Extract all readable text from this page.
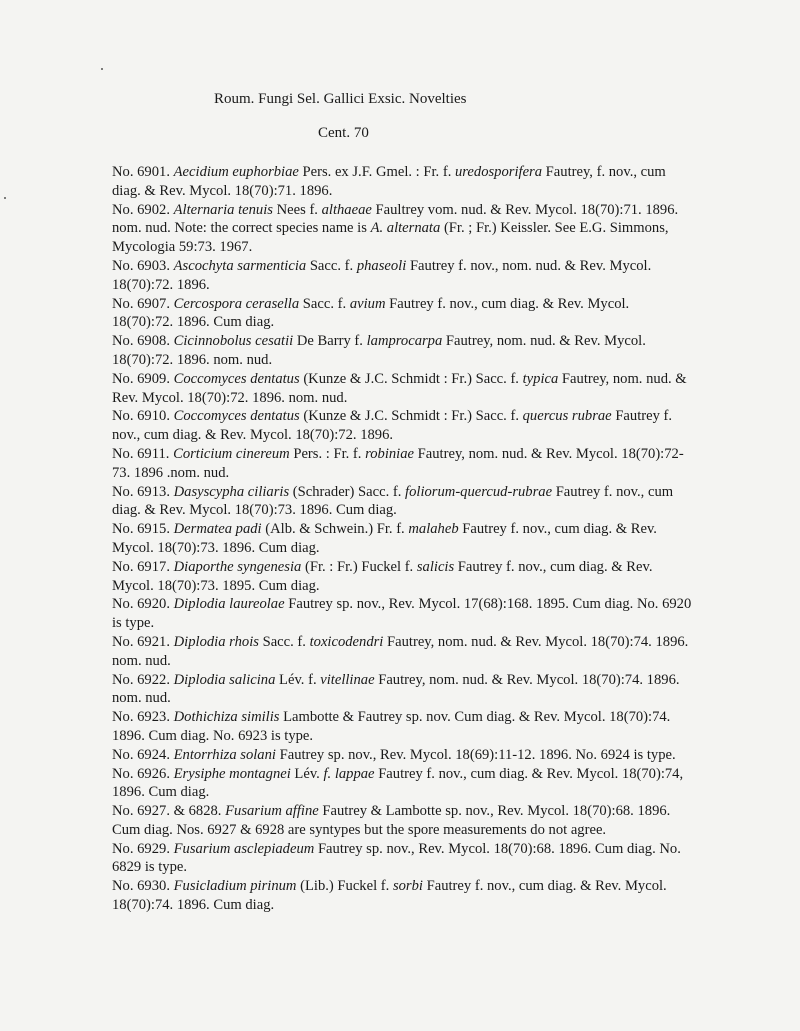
Roum. Fungi Sel. Gallici Exsic. Novelties
Cent. 70

No. 6901. Aecidium euphorbiae Pers. ex J.F. Gmel. : Fr. f. uredosporifera Fautrey, f. nov., cum diag. & Rev. Mycol. 18(70):71. 1896.

No. 6902. Alternaria tenuis Nees f. althaeae Faultrey vom. nud. & Rev. Mycol. 18(70):71. 1896. nom. nud. Note: the correct species name is A. alternata (Fr. ; Fr.) Keissler. See E.G. Simmons, Mycologia 59:73. 1967.

No. 6903. Ascochyta sarmenticia Sacc. f. phaseoli Fautrey f. nov., nom. nud. & Rev. Mycol. 18(70):72. 1896.

No. 6907. Cercospora cerasella Sacc. f. avium Fautrey f. nov., cum diag. & Rev. Mycol. 18(70):72. 1896. Cum diag.

No. 6908. Cicinnobolus cesatii De Barry f. lamprocarpa Fautrey, nom. nud. & Rev. Mycol. 18(70):72. 1896. nom. nud.

No. 6909. Coccomyces dentatus (Kunze & J.C. Schmidt : Fr.) Sacc. f. typica Fautrey, nom. nud. & Rev. Mycol. 18(70):72. 1896. nom. nud.

No. 6910. Coccomyces dentatus (Kunze & J.C. Schmidt : Fr.) Sacc. f. quercus rubrae Fautrey f. nov., cum diag. & Rev. Mycol. 18(70):72. 1896.

No. 6911. Corticium cinereum Pers. : Fr. f. robiniae Fautrey, nom. nud. & Rev. Mycol. 18(70):72-73. 1896 .nom. nud.

No. 6913. Dasyscypha ciliaris (Schrader) Sacc. f. foliorum-quercud-rubrae Fautrey f. nov., cum diag. & Rev. Mycol. 18(70):73. 1896. Cum diag.

No. 6915. Dermatea padi (Alb. & Schwein.) Fr. f. malaheb Fautrey f. nov., cum diag. & Rev. Mycol. 18(70):73. 1896. Cum diag.

No. 6917. Diaporthe syngenesia (Fr. : Fr.) Fuckel f. salicis Fautrey f. nov., cum diag. & Rev. Mycol. 18(70):73. 1895. Cum diag.

No. 6920. Diplodia laureolae Fautrey sp. nov., Rev. Mycol. 17(68):168. 1895. Cum diag. No. 6920 is type.

No. 6921. Diplodia rhois Sacc. f. toxicodendri Fautrey, nom. nud. & Rev. Mycol. 18(70):74. 1896. nom. nud.

No. 6922. Diplodia salicina Lév. f. vitellinae Fautrey, nom. nud. & Rev. Mycol. 18(70):74. 1896. nom. nud.

No. 6923. Dothichiza similis Lambotte & Fautrey sp. nov. Cum diag. & Rev. Mycol. 18(70):74. 1896. Cum diag. No. 6923 is type.

No. 6924. Entorrhiza solani Fautrey sp. nov., Rev. Mycol. 18(69):11-12. 1896. No. 6924 is type.

No. 6926. Erysiphe montagnei Lév. f. lappae Fautrey f. nov., cum diag. & Rev. Mycol. 18(70):74, 1896. Cum diag.

No. 6927. & 6828. Fusarium affine Fautrey & Lambotte sp. nov., Rev. Mycol. 18(70):68. 1896. Cum diag. Nos. 6927 & 6928 are syntypes but the spore measurements do not agree.

No. 6929. Fusarium asclepiadeum Fautrey sp. nov., Rev. Mycol. 18(70):68. 1896. Cum diag. No. 6829 is type.

No. 6930. Fusicladium pirinum (Lib.) Fuckel f. sorbi Fautrey f. nov., cum diag. & Rev. Mycol. 18(70):74. 1896. Cum diag.
